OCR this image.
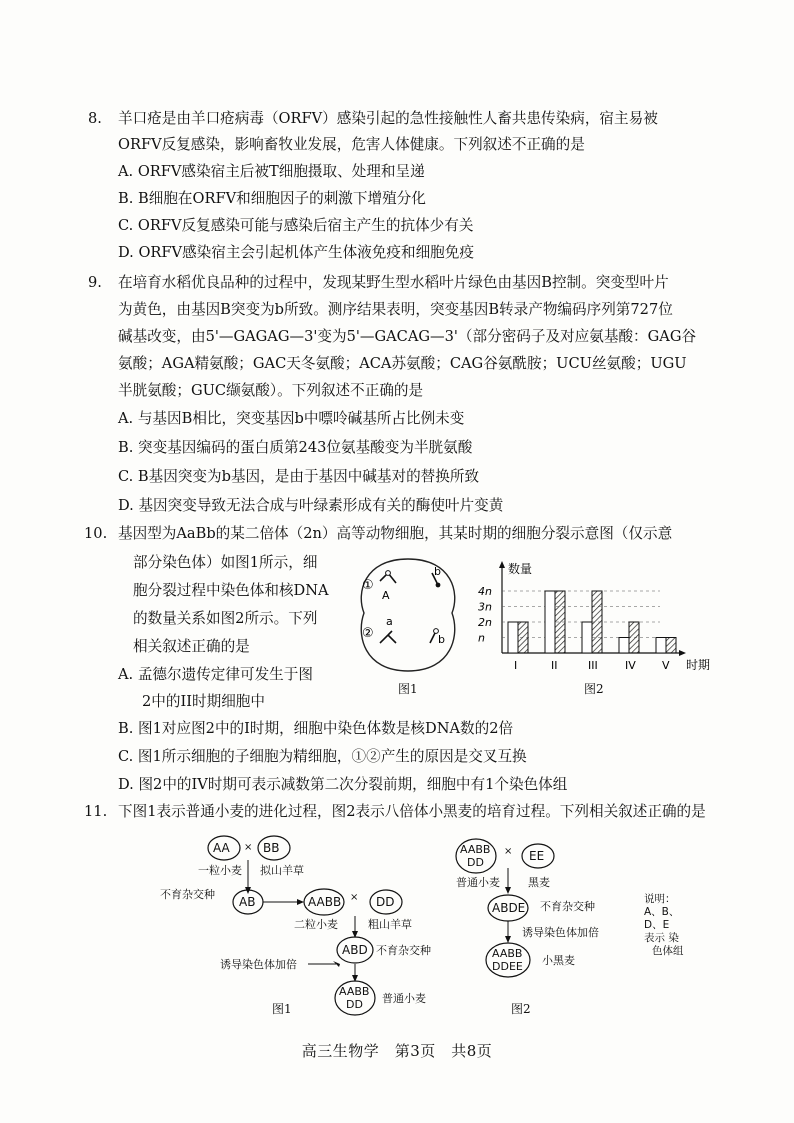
8. 羊口疮是由羊口疮病毒（ORFV）感染引起的急性接触性人畜共患传染病，宿主易被
ORFV反复感染，影响畜牧业发展，危害人体健康。下列叙述不正确的是
A. ORFV感染宿主后被T细胞摄取、处理和呈递
B. B细胞在ORFV和细胞因子的刺激下增殖分化
C. ORFV反复感染可能与感染后宿主产生的抗体少有关
D. ORFV感染宿主会引起机体产生体液免疫和细胞免疫
9. 在培育水稻优良品种的过程中，发现某野生型水稻叶片绿色由基因B控制。突变型叶片
为黄色，由基因B突变为b所致。测序结果表明，突变基因B转录产物编码序列第727位
碱基改变，由5'—GAGAG—3'变为5'—GACAG—3'（部分密码子及对应氨基酸：GAG谷
氨酸；AGA精氨酸；GAC天冬氨酸；ACA苏氨酸；CAG谷氨酰胺；UCU丝氨酸；UGU
半胱氨酸；GUC缬氨酸）。下列叙述不正确的是
A. 与基因B相比，突变基因b中嘌呤碱基所占比例未变
B. 突变基因编码的蛋白质第243位氨基酸变为半胱氨酸
C. B基因突变为b基因，是由于基因中碱基对的替换所致
D. 基因突变导致无法合成与叶绿素形成有关的酶使叶片变黄
10. 基因型为AaBb的某二倍体（2n）高等动物细胞，其某时期的细胞分裂示意图（仅示意
部分染色体）如图1所示，细
胞分裂过程中染色体和核DNA
的数量关系如图2所示。下列
相关叙述正确的是
A. 孟德尔遗传定律可发生于图
2中的II时期细胞中
B. 图1对应图2中的I时期，细胞中染色体数是核DNA数的2倍
C. 图1所示细胞的子细胞为精细胞，①②产生的原因是交叉互换
D. 图2中的IV时期可表示减数第二次分裂前期，细胞中有1个染色体组
①
②
A
b
a
b
图1
数量
时期
n
2n
3n
4n
I	II	III IV V
图2
11. 下图1表示普通小麦的进化过程，图2表示八倍体小黑麦的培育过程。下列相关叙述正确的是
AA × BB
一粒小麦 拟山羊草
不育杂交种
AB	AABB × DD
二粒小麦	粗山羊草
ABD 不育杂交种
诱导染色体加倍
AABB
DD 普通小麦
图1
AABB
DD
× EE
普通小麦	黑麦
ABDE 不育杂交种
诱导染色体加倍
AABB
DDEE 小黑麦
说明：
A、B、
D、E
表示 染
色体组
图2
高三生物学　第3页　共8页
